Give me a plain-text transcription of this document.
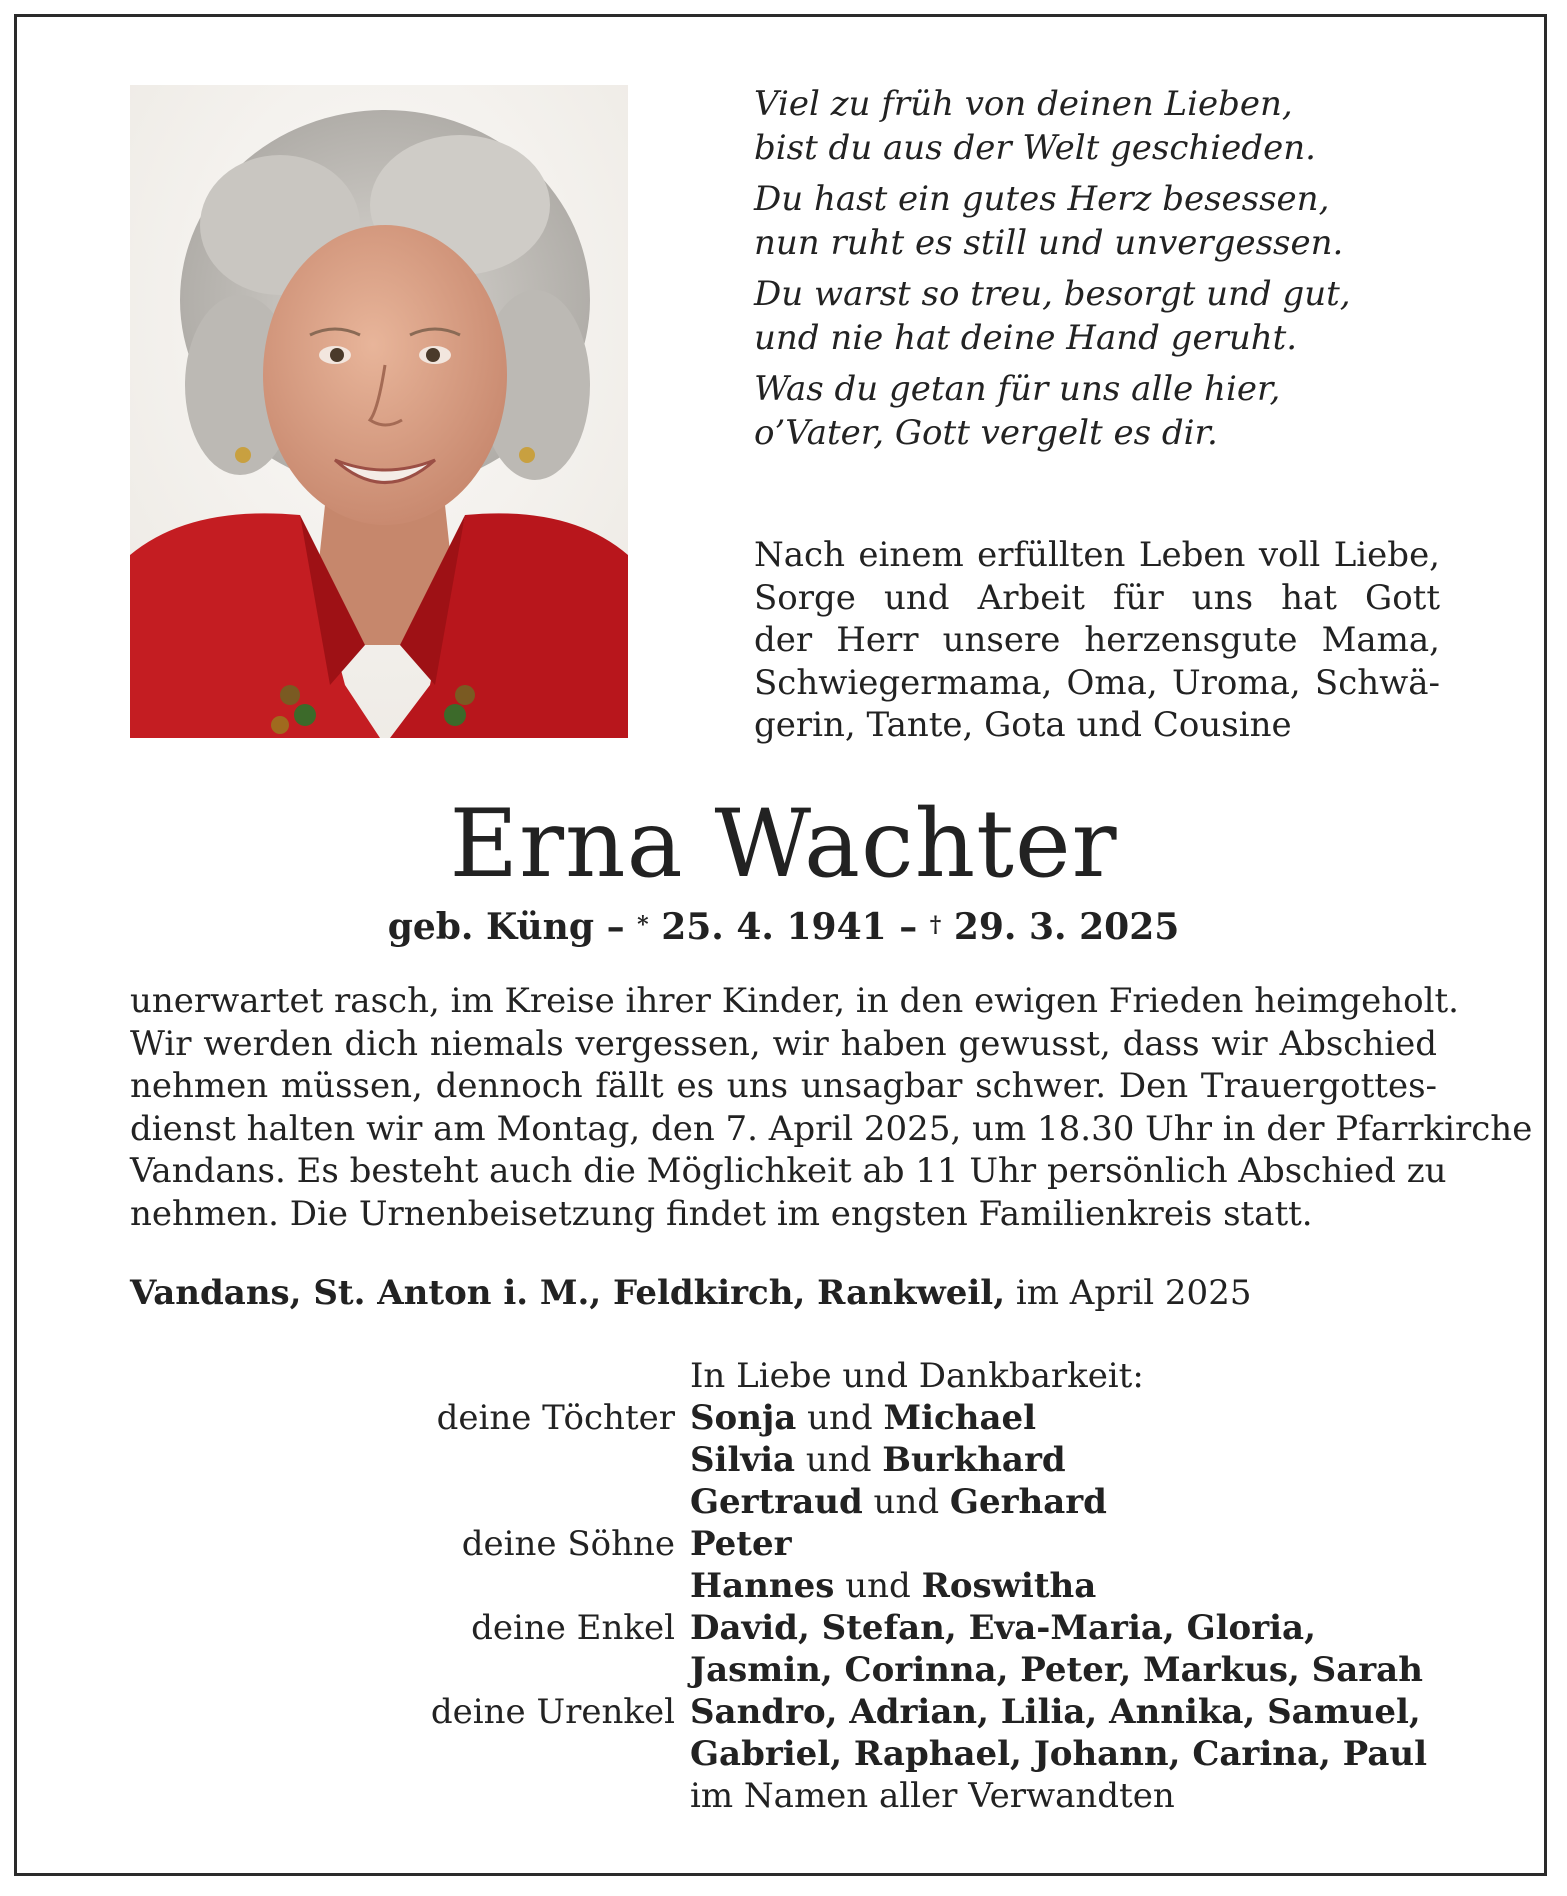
Viel zu früh von deinen Lieben,
bist du aus der Welt geschieden.
Du hast ein gutes Herz besessen,
nun ruht es still und unvergessen.
Du warst so treu, besorgt und gut,
und nie hat deine Hand geruht.
Was du getan für uns alle hier,
o’Vater, Gott vergelt es dir.
Nach einem erfüllten Leben voll Liebe,
Sorge und Arbeit für uns hat Gott
der Herr unsere herzensgute Mama,
Schwiegermama, Oma, Uroma, Schwä-
gerin, Tante, Gota und Cousine
Erna Wachter
geb. Küng – * 25. 4. 1941 – † 29. 3. 2025
unerwartet rasch, im Kreise ihrer Kinder, in den ewigen Frieden heimgeholt.
Wir werden dich niemals vergessen, wir haben gewusst, dass wir Abschied
nehmen müssen, dennoch fällt es uns unsagbar schwer. Den Trauergottes-
dienst halten wir am Montag, den 7. April 2025, um 18.30 Uhr in der Pfarrkirche
Vandans. Es besteht auch die Möglichkeit ab 11 Uhr persönlich Abschied zu
nehmen. Die Urnenbeisetzung findet im engsten Familienkreis statt.
Vandans, St. Anton i. M., Feldkirch, Rankweil, im April 2025
In Liebe und Dankbarkeit:
deine Töchter Sonja und Michael
Silvia und Burkhard
Gertraud und Gerhard
deine Söhne Peter
Hannes und Roswitha
deine Enkel David, Stefan, Eva-Maria, Gloria,
Jasmin, Corinna, Peter, Markus, Sarah
deine Urenkel Sandro, Adrian, Lilia, Annika, Samuel,
Gabriel, Raphael, Johann, Carina, Paul
im Namen aller Verwandten
